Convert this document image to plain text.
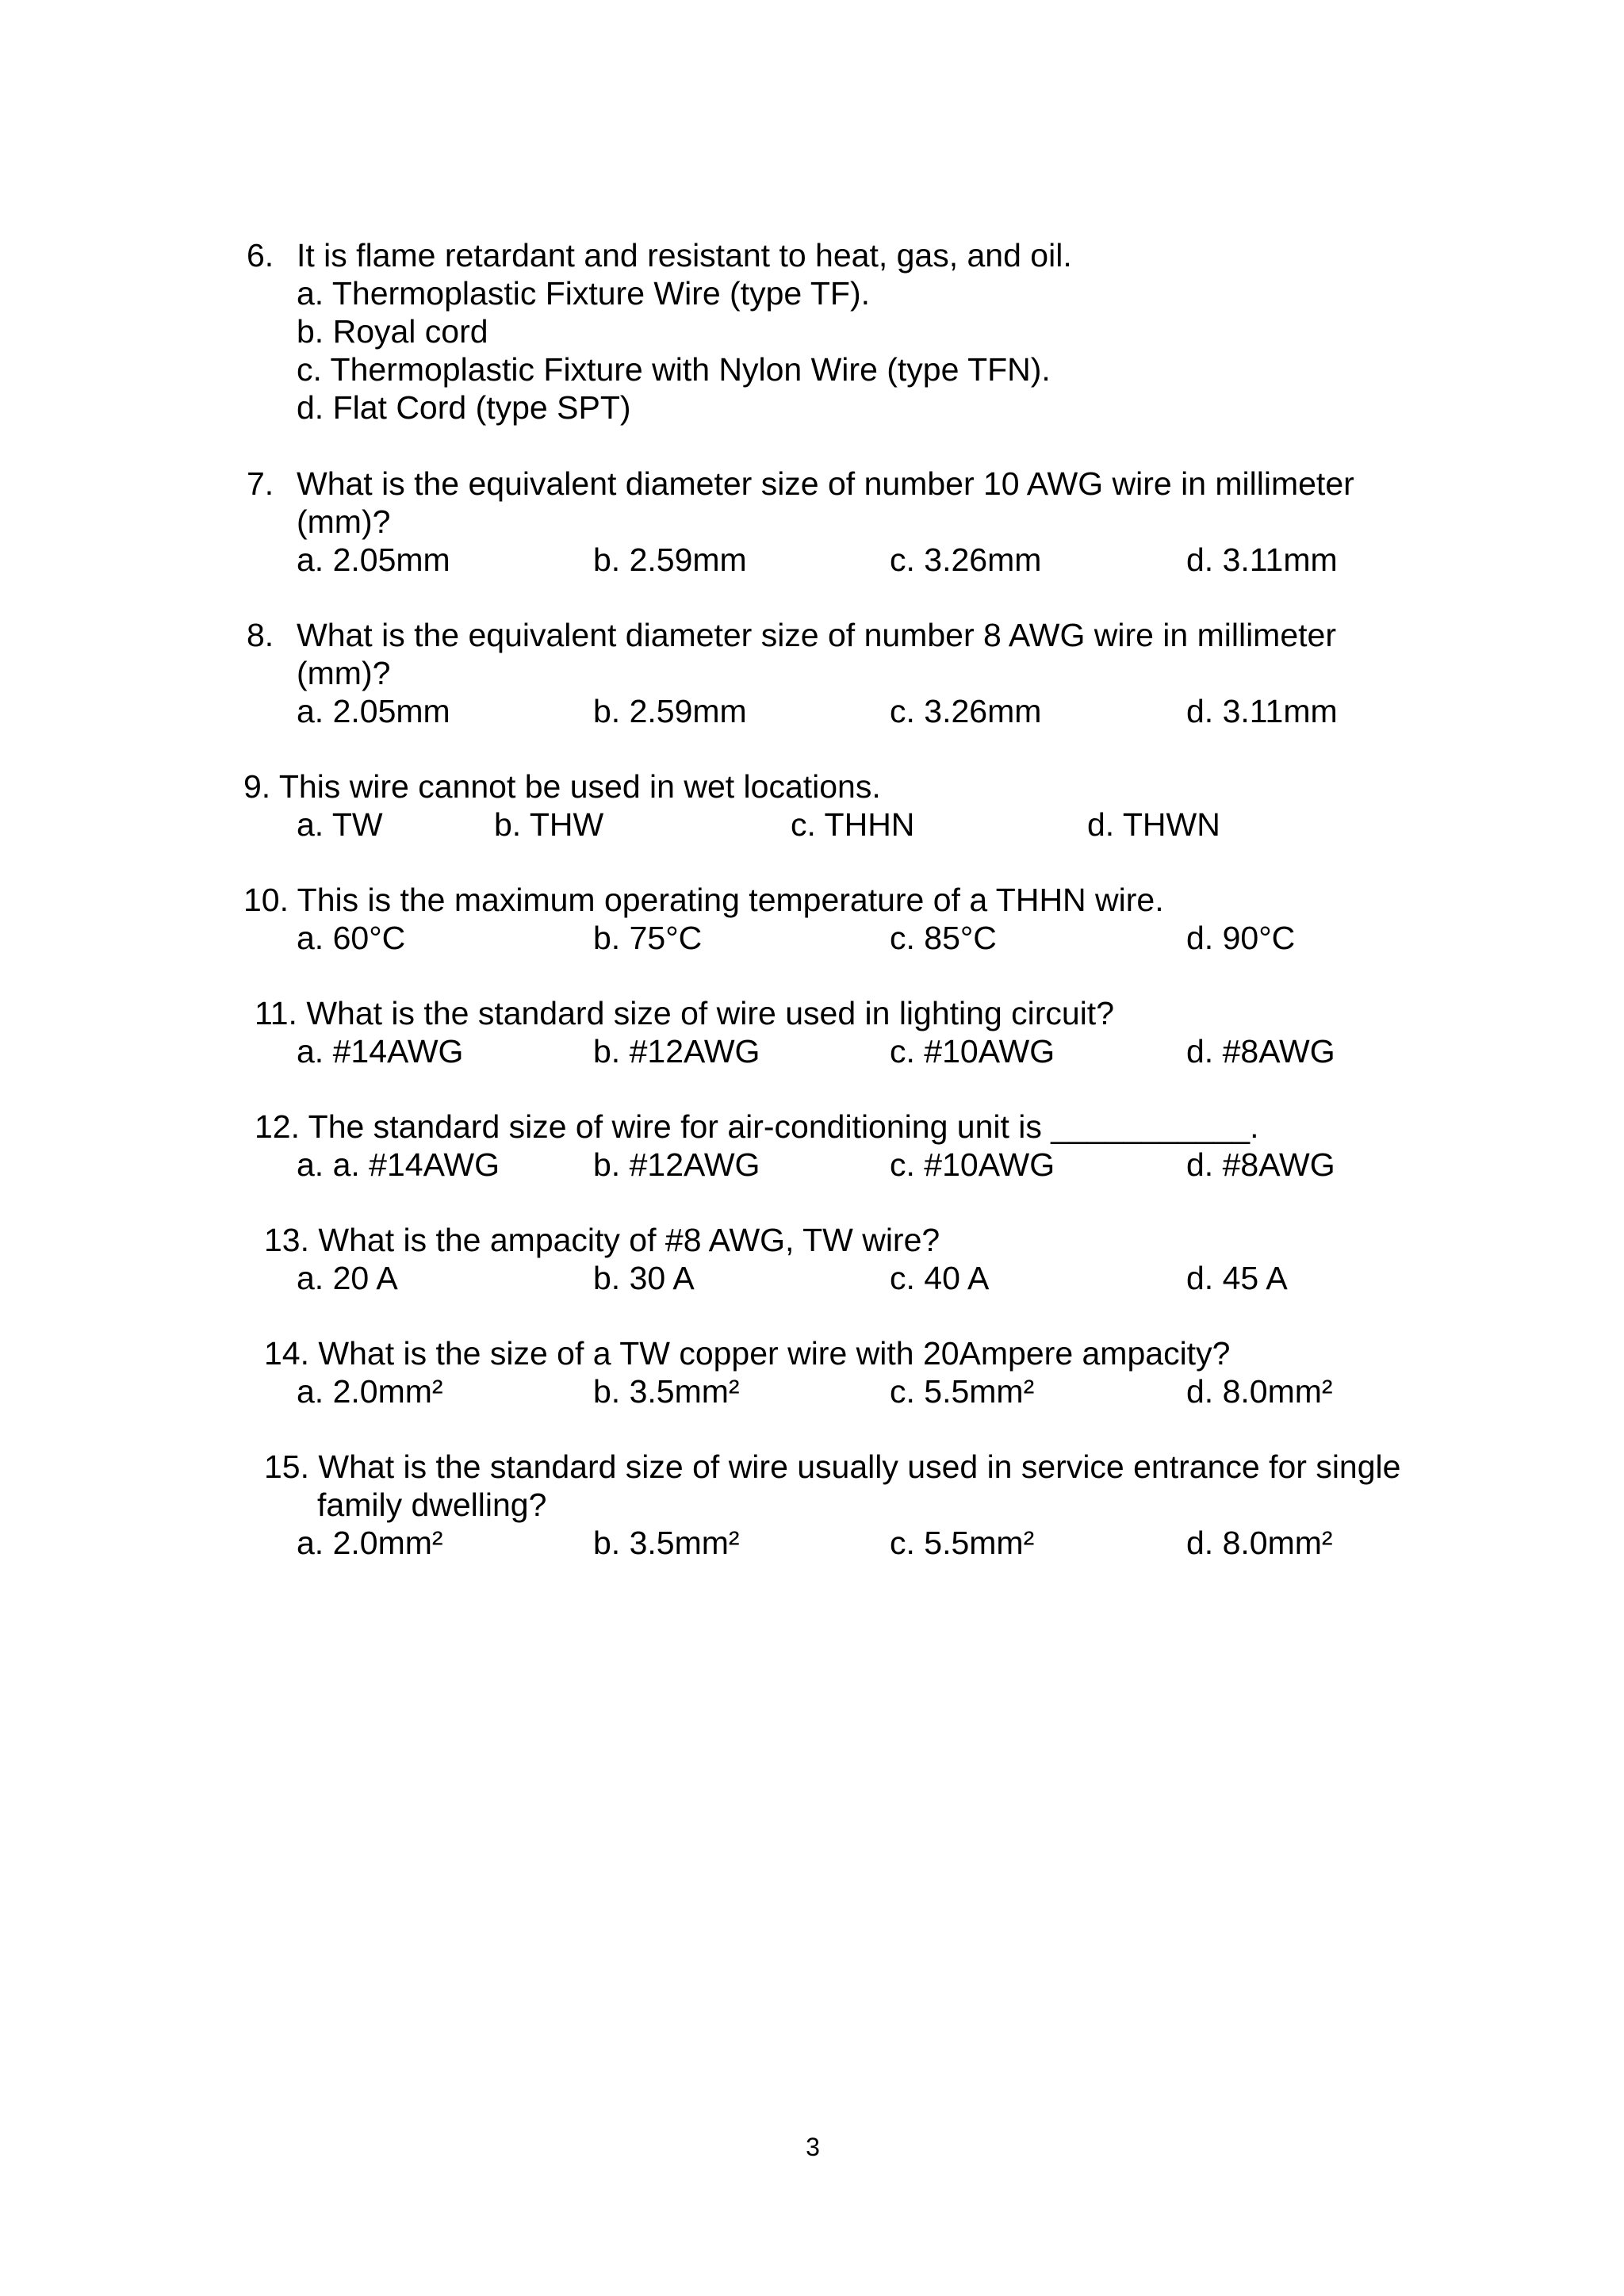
6. It is flame retardant and resistant to heat, gas, and oil.
a. Thermoplastic Fixture Wire (type TF).
b. Royal cord
c. Thermoplastic Fixture with Nylon Wire (type TFN).
d. Flat Cord (type SPT)
7. What is the equivalent diameter size of number 10 AWG wire in millimeter
(mm)?
a. 2.05mm	b. 2.59mm	c. 3.26mm	d. 3.11mm
8. What is the equivalent diameter size of number 8 AWG wire in millimeter
(mm)?
a. 2.05mm	b. 2.59mm	c. 3.26mm	d. 3.11mm
9. This wire cannot be used in wet locations.
a. TW	b. THW	c. THHN	d. THWN
10. This is the maximum operating temperature of a THHN wire.
a. 60°C	b. 75°C	c. 85°C	d. 90°C
11. What is the standard size of wire used in lighting circuit?
a. #14AWG	b. #12AWG	c. #10AWG	d. #8AWG
12. The standard size of wire for air-conditioning unit is ___________.
a. a. #14AWG	b. #12AWG	c. #10AWG	d. #8AWG
13. What is the ampacity of #8 AWG, TW wire?
a. 20 A	b. 30 A	c. 40 A	d. 45 A
14. What is the size of a TW copper wire with 20Ampere ampacity?
a. 2.0mm²	b. 3.5mm²	c. 5.5mm²	d. 8.0mm²
15. What is the standard size of wire usually used in service entrance for single
family dwelling?
a. 2.0mm²	b. 3.5mm²	c. 5.5mm²	d. 8.0mm²
3
